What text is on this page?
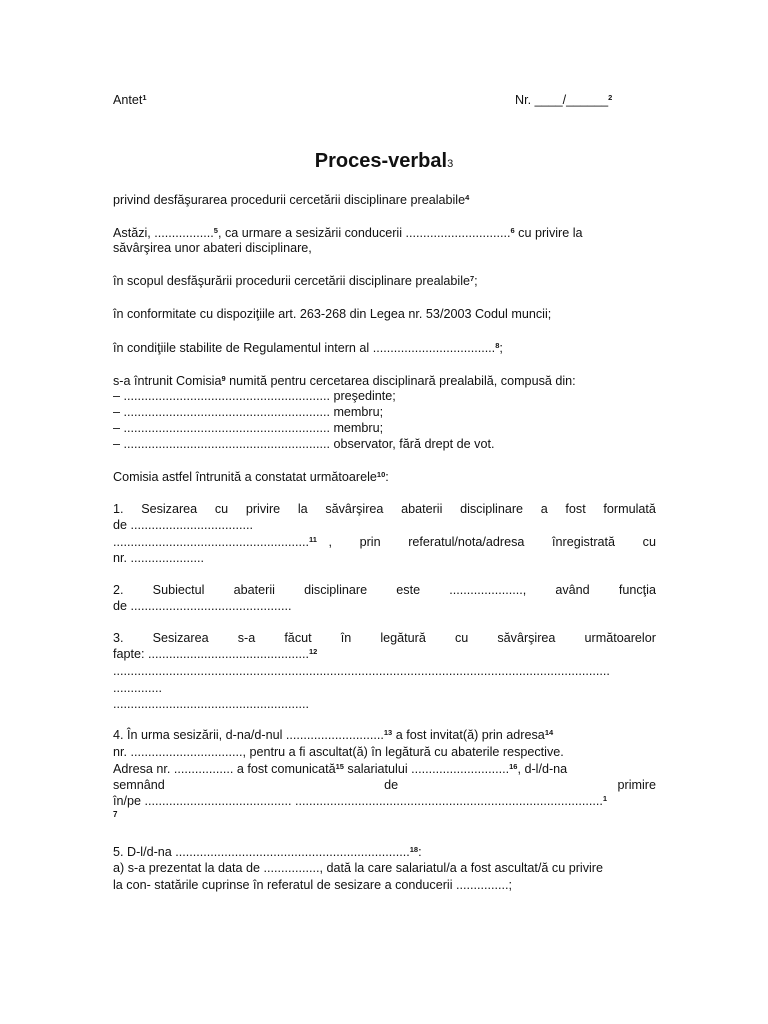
Antet$^1$	Nr. ____/______$^2$
Proces-verbal3
privind desfăşurarea procedurii cercetării disciplinare prealabile$^4$
Astăzi, .................$^5$, ca urmare a sesizării conducerii ..............................$^6$ cu privire la
săvârşirea unor abateri disciplinare,
în scopul desfăşurării procedurii cercetării disciplinare prealabile$^7$;
în conformitate cu dispoziţiile art. 263-268 din Legea nr. 53/2003 Codul muncii;
în condiţiile stabilite de Regulamentul intern al ...................................$^8$;
s-a întrunit Comisia$^9$ numită pentru cercetarea disciplinară prealabilă, compusă din:
– ........................................................... preşedinte;
– ........................................................... membru;
– ........................................................... membru;
– ........................................................... observator, fără drept de vot.
Comisia astfel întrunită a constatat următoarele$^{10}$:
1. Sesizarea cu privire la săvârşirea abaterii disciplinare a fost formulată
de ...................................
........................................................$^{11}$ , prin referatul/nota/adresa înregistrată cu
nr. .....................
2. Subiectul abaterii disciplinare este ....................., având funcţia
de ..............................................
3. Sesizarea s-a făcut în legătură cu săvârşirea următoarelor
fapte: ..............................................$^{12}$
..............................................................................................................................................
..............
........................................................
4. În urma sesizării, d-na/d-nul ............................$^{13}$ a fost invitat(ă) prin adresa$^{14}$
nr. ................................, pentru a fi ascultat(ă) în legătură cu abaterile respective.
Adresa nr. ................. a fost comunicată$^{15}$ salariatului ............................$^{16}$, d-l/d-na
semnând	de	primire
în/pe .......................................... ........................................................................................$^1$
7
5. D-l/d-na ...................................................................$^{18}$:
a) s-a prezentat la data de ................, dată la care salariatul/a a fost ascultat/ă cu privire
la con- statările cuprinse în referatul de sesizare a conducerii ...............;
